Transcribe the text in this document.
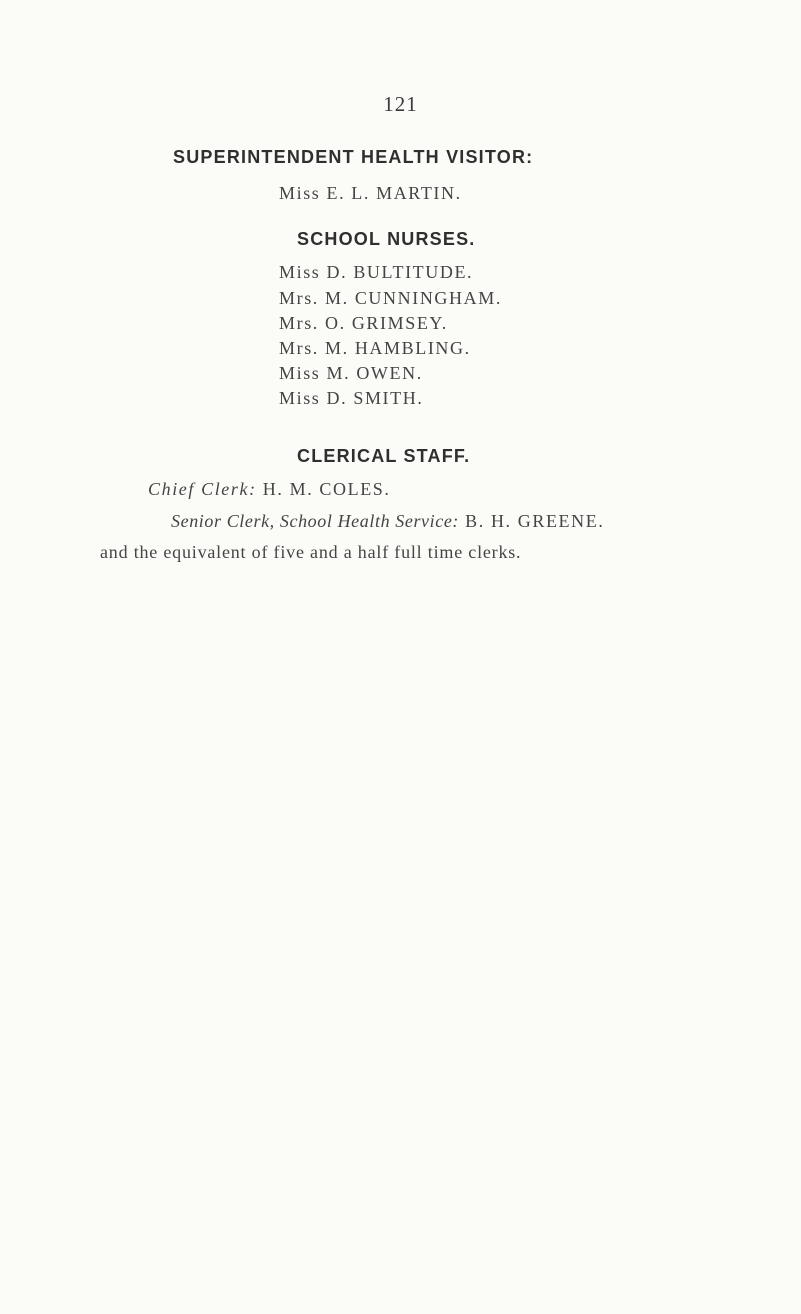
121
SUPERINTENDENT HEALTH VISITOR:
Miss E. L. MARTIN.
SCHOOL NURSES.
Miss D. BULTITUDE.
Mrs. M. CUNNINGHAM.
Mrs. O. GRIMSEY.
Mrs. M. HAMBLING.
Miss M. OWEN.
Miss D. SMITH.
CLERICAL STAFF.
Chief Clerk: H. M. COLES.
Senior Clerk, School Health Service: B. H. GREENE.
and the equivalent of five and a half full time clerks.
